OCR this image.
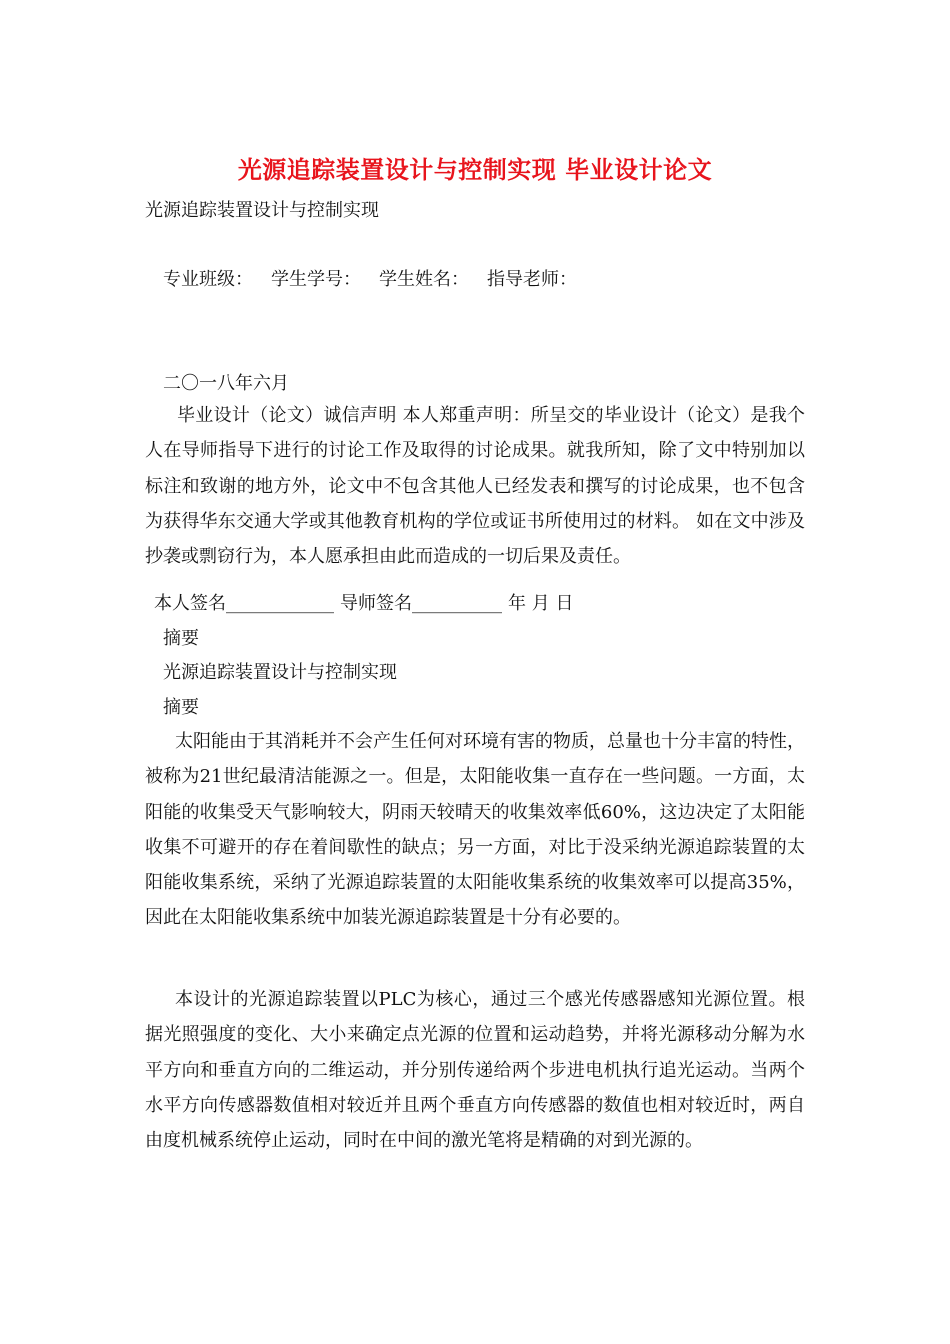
光源追踪装置设计与控制实现 毕业设计论文
光源追踪装置设计与控制实现
专业班级： 学生学号： 学生姓名： 指导老师：
二〇一八年六月
毕业设计（论文）诚信声明 本人郑重声明：所呈交的毕业设计（论文）是我个人在导师指导下进行的讨论工作及取得的讨论成果。就我所知，除了文中特别加以标注和致谢的地方外，论文中不包含其他人已经发表和撰写的讨论成果，也不包含为获得华东交通大学或其他教育机构的学位或证书所使用过的材料。 如在文中涉及抄袭或剽窃行为，本人愿承担由此而造成的一切后果及责任。
本人签名____________ 导师签名__________ 年 月 日
摘要
光源追踪装置设计与控制实现
摘要
太阳能由于其消耗并不会产生任何对环境有害的物质，总量也十分丰富的特性，被称为21世纪最清洁能源之一。但是，太阳能收集一直存在一些问题。一方面，太阳能的收集受天气影响较大，阴雨天较晴天的收集效率低60%，这边决定了太阳能收集不可避开的存在着间歇性的缺点；另一方面，对比于没采纳光源追踪装置的太阳能收集系统，采纳了光源追踪装置的太阳能收集系统的收集效率可以提高35%，因此在太阳能收集系统中加装光源追踪装置是十分有必要的。
本设计的光源追踪装置以PLC为核心，通过三个感光传感器感知光源位置。根据光照强度的变化、大小来确定点光源的位置和运动趋势，并将光源移动分解为水平方向和垂直方向的二维运动，并分别传递给两个步进电机执行追光运动。当两个水平方向传感器数值相对较近并且两个垂直方向传感器的数值也相对较近时，两自由度机械系统停止运动，同时在中间的激光笔将是精确的对到光源的。
